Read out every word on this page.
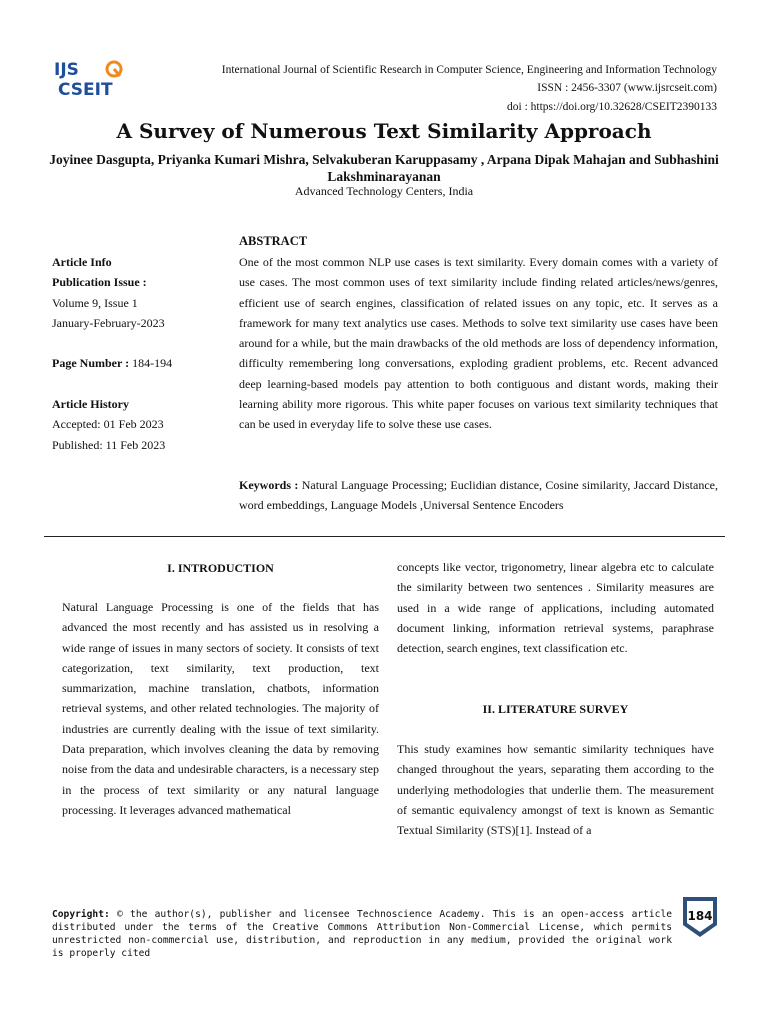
IJS
CSEIT
International Journal of Scientific Research in Computer Science, Engineering and Information Technology
ISSN : 2456-3307 (www.ijsrcseit.com)
doi : https://doi.org/10.32628/CSEIT2390133
A Survey of Numerous Text Similarity Approach
Joyinee Dasgupta, Priyanka Kumari Mishra, Selvakuberan Karuppasamy , Arpana Dipak Mahajan and Subhashini Lakshminarayanan
Advanced Technology Centers, India
Article Info
Publication Issue :
Volume 9, Issue 1
January-February-2023
Page Number : 184-194
Article History
Accepted: 01 Feb 2023
Published: 11 Feb 2023
ABSTRACT
One of the most common NLP use cases is text similarity. Every domain comes with a variety of use cases. The most common uses of text similarity include finding related articles/news/genres, efficient use of search engines, classification of related issues on any topic, etc. It serves as a framework for many text analytics use cases. Methods to solve text similarity use cases have been around for a while, but the main drawbacks of the old methods are loss of dependency information, difficulty remembering long conversations, exploding gradient problems, etc. Recent advanced deep learning-based models pay attention to both contiguous and distant words, making their learning ability more rigorous. This white paper focuses on various text similarity techniques that can be used in everyday life to solve these use cases.
Keywords : Natural Language Processing; Euclidian distance, Cosine similarity, Jaccard Distance, word embeddings, Language Models ,Universal Sentence Encoders
I. INTRODUCTION
Natural Language Processing is one of the fields that has advanced the most recently and has assisted us in resolving a wide range of issues in many sectors of society. It consists of text categorization, text similarity, text production, text summarization, machine translation, chatbots, information retrieval systems, and other related technologies. The majority of industries are currently dealing with the issue of text similarity. Data preparation, which involves cleaning the data by removing noise from the data and undesirable characters, is a necessary step in the process of text similarity or any natural language processing. It leverages advanced mathematical
concepts like vector, trigonometry, linear algebra etc to calculate the similarity between two sentences . Similarity measures are used in a wide range of applications, including automated document linking, information retrieval systems, paraphrase detection, search engines, text classification etc.
II. LITERATURE SURVEY
This study examines how semantic similarity techniques have changed throughout the years, separating them according to the underlying methodologies that underlie them. The measurement of semantic equivalency amongst of text is known as Semantic Textual Similarity (STS)[1]. Instead of a
Copyright: © the author(s), publisher and licensee Technoscience Academy. This is an open-access article distributed under the terms of the Creative Commons Attribution Non-Commercial License, which permits unrestricted non-commercial use, distribution, and reproduction in any medium, provided the original work is properly cited
184
